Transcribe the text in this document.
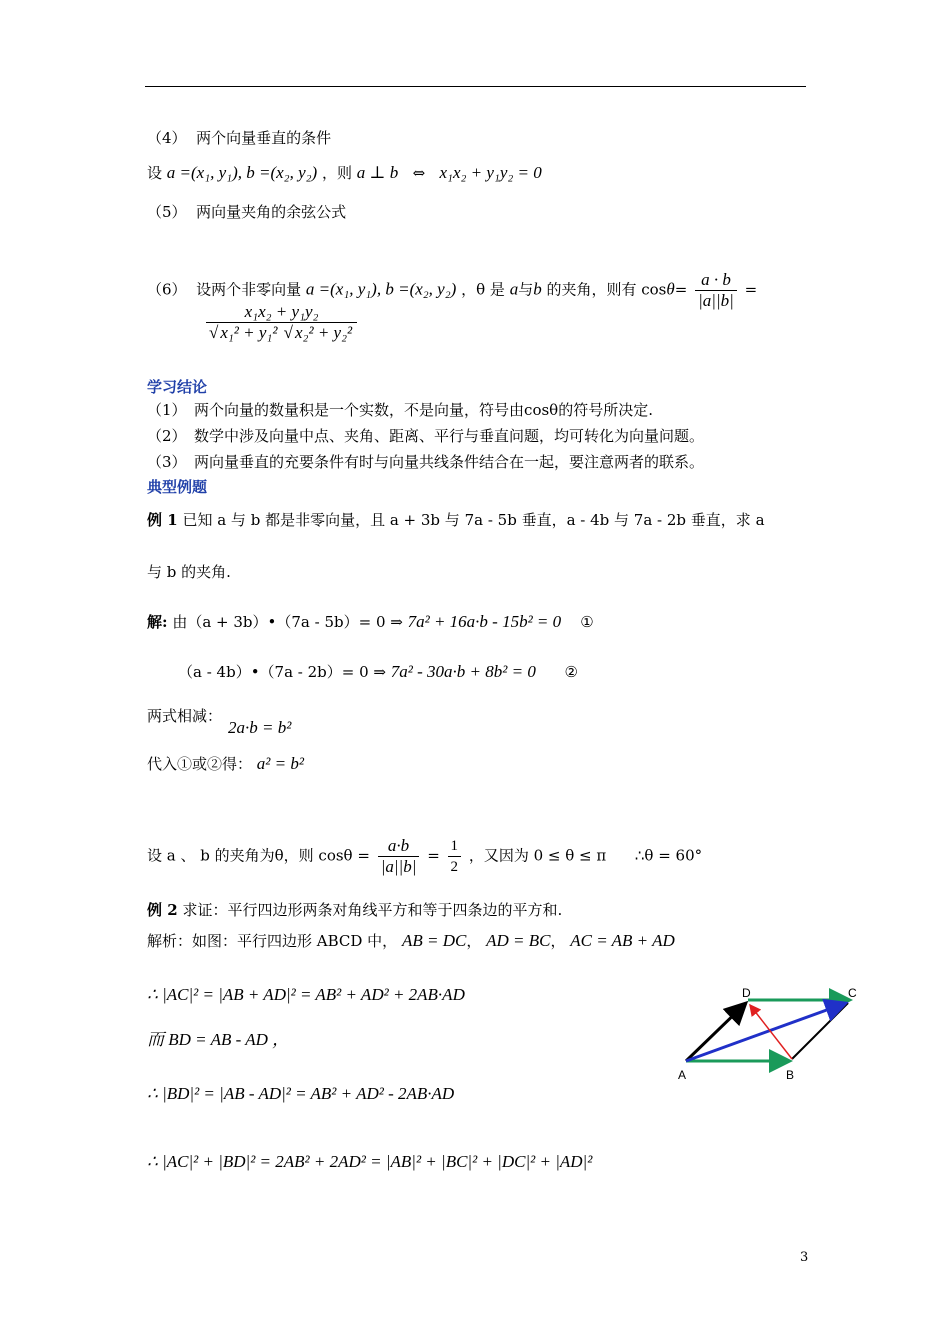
（4） 两个向量垂直的条件
设 a =(x₁, y₁), b =(x₂, y₂) ，则 a ⊥ b ⇔ x₁x₂ + y₁y₂ = 0
（5） 两向量夹角的余弦公式
（6） 设两个非零向量 a =(x₁, y₁), b =(x₂, y₂) ，θ 是 a与b 的夹角，则有 $\cos\theta= \frac{a \cdot b}{|a||b|}$ =
$\frac{\text{x₁x₂ + y₁y₂}}{\text{√ x₁² + y₁² √ x₂² + y₂²}}$
学习结论
（1）　两个向量的数量积是一个实数，不是向量，符号由cosθ的符号所决定.
（2）　数学中涉及向量中点、夹角、距离、平行与垂直问题，均可转化为向量问题。
（3）　两向量垂直的充要条件有时与向量共线条件结合在一起，要注意两者的联系。
典型例题
例 1 已知 a 与 b 都是非零向量，且 a + 3b 与 7a - 5b 垂直，a - 4b 与 7a - 2b 垂直，求 a
与 b 的夹角.
解: 由（a + 3b）•（7a - 5b）= 0 ⇒ 7a² + 16a·b - 15b² = 0 ①
（a - 4b）•（7a - 2b）= 0 ⇒ 7a² - 30a·b + 8b² = 0 ②
两式相减：
2a·b = b²
代入①或②得： a² = b²
设 a 、 b 的夹角为θ，则 $\cos\theta = \frac{a\cdot b}{|a||b|} = \frac{1}{2}$ ，又因为 0 ≤ θ ≤ π ∴θ = 60°
例 2 求证：平行四边形两条对角线平方和等于四条边的平方和.
解析：如图：平行四边形 ABCD 中， AB = DC， AD = BC， AC = AB + AD
∴ |AC|² = |AB + AD|² = AB² + AD² + 2AB·AD
而 BD = AB - AD ，
∴ |BD|² = |AB - AD|² = AB² + AD² - 2AB·AD
∴ |AC|² + |BD|² = 2AB² + 2AD² = |AB|² + |BC|² + |DC|² + |AD|²
A	B
C
D
3
